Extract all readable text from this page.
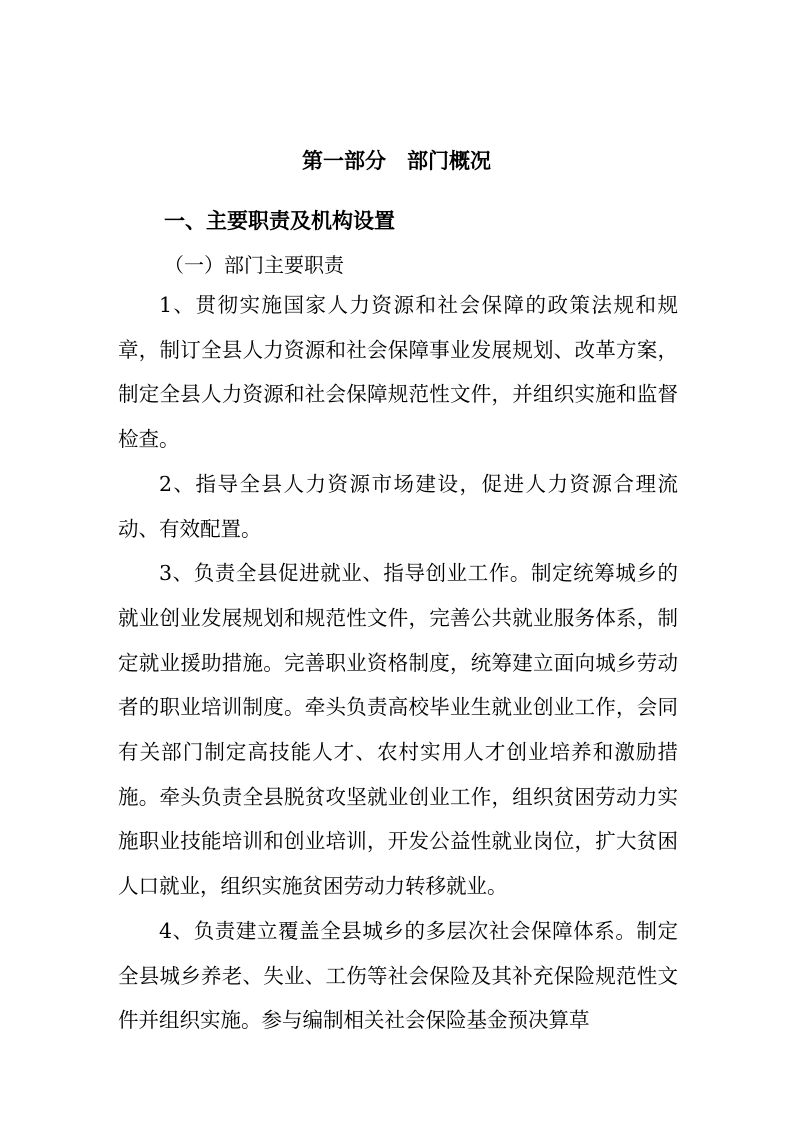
第一部分　部门概况
一、主要职责及机构设置
（一）部门主要职责

1、贯彻实施国家人力资源和社会保障的政策法规和规章，制订全县人力资源和社会保障事业发展规划、改革方案，制定全县人力资源和社会保障规范性文件，并组织实施和监督检查。

2、指导全县人力资源市场建设，促进人力资源合理流动、有效配置。

3、负责全县促进就业、指导创业工作。制定统筹城乡的就业创业发展规划和规范性文件，完善公共就业服务体系，制定就业援助措施。完善职业资格制度，统筹建立面向城乡劳动者的职业培训制度。牵头负责高校毕业生就业创业工作，会同有关部门制定高技能人才、农村实用人才创业培养和激励措施。牵头负责全县脱贫攻坚就业创业工作，组织贫困劳动力实施职业技能培训和创业培训，开发公益性就业岗位，扩大贫困人口就业，组织实施贫困劳动力转移就业。

4、负责建立覆盖全县城乡的多层次社会保障体系。制定全县城乡养老、失业、工伤等社会保险及其补充保险规范性文件并组织实施。参与编制相关社会保险基金预决算草
